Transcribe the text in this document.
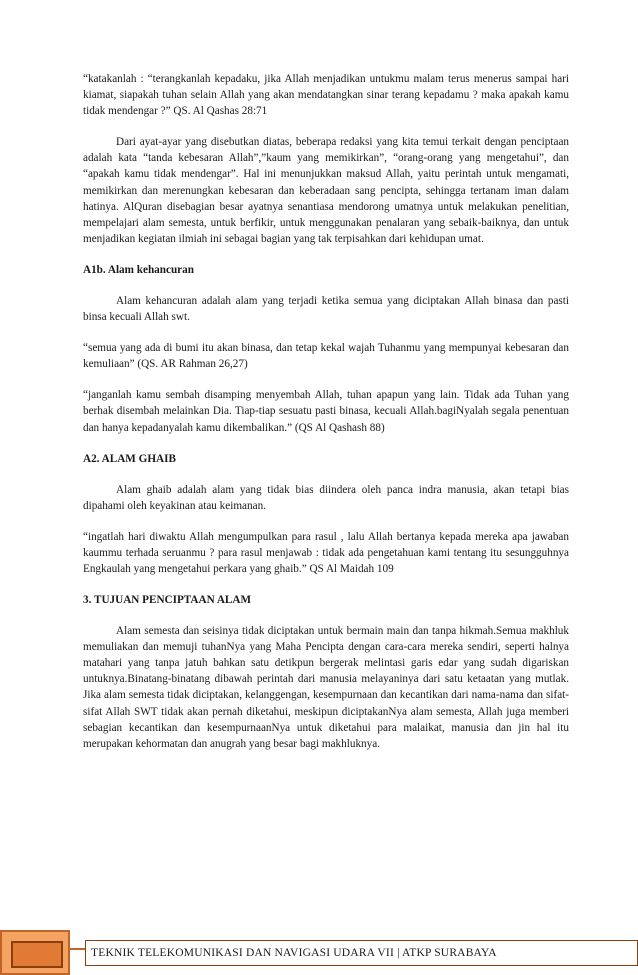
“katakanlah : “terangkanlah kepadaku, jika Allah menjadikan untukmu malam terus menerus sampai hari kiamat, siapakah tuhan selain Allah yang akan mendatangkan sinar terang kepadamu ? maka apakah kamu tidak mendengar ?” QS. Al Qashas 28:71

Dari ayat-ayar yang disebutkan diatas, beberapa redaksi yang kita temui terkait dengan penciptaan adalah kata “tanda kebesaran Allah”,”kaum yang memikirkan”, “orang-orang yang mengetahui”, dan “apakah kamu tidak mendengar”. Hal ini menunjukkan maksud Allah, yaitu perintah untuk mengamati, memikirkan dan merenungkan kebesaran dan keberadaan sang pencipta, sehingga tertanam iman dalam hatinya. AlQuran disebagian besar ayatnya senantiasa mendorong umatnya untuk melakukan penelitian, mempelajari alam semesta, untuk berfikir, untuk menggunakan penalaran yang sebaik-baiknya, dan untuk menjadikan kegiatan ilmiah ini sebagai bagian yang tak terpisahkan dari kehidupan umat.

A1b. Alam kehancuran

Alam kehancuran adalah alam yang terjadi ketika semua yang diciptakan Allah binasa dan pasti binsa kecuali Allah swt.

“semua yang ada di bumi itu akan binasa, dan tetap kekal wajah Tuhanmu yang mempunyai kebesaran dan kemuliaan” (QS. AR Rahman 26,27)

“janganlah kamu sembah disamping menyembah Allah, tuhan apapun yang lain. Tidak ada Tuhan yang berhak disembah melainkan Dia. Tiap-tiap sesuatu pasti binasa, kecuali Allah.bagiNyalah segala penentuan dan hanya kepadanyalah kamu dikembalikan.” (QS Al Qashash 88)

A2. ALAM GHAIB

Alam ghaib adalah alam yang tidak bias diindera oleh panca indra manusia, akan tetapi bias dipahami oleh keyakinan atau keimanan.

“ingatlah hari diwaktu Allah mengumpulkan para rasul , lalu Allah bertanya kepada mereka apa jawaban kaummu terhada seruanmu ? para rasul menjawab : tidak ada pengetahuan kami tentang itu sesungguhnya Engkaulah yang mengetahui perkara yang ghaib.” QS Al Maidah 109

3. TUJUAN PENCIPTAAN ALAM

Alam semesta dan seisinya tidak diciptakan untuk bermain main dan tanpa hikmah.Semua makhluk memuliakan dan memuji tuhanNya yang Maha Pencipta dengan cara-cara mereka sendiri, seperti halnya matahari yang tanpa jatuh bahkan satu detikpun bergerak melintasi garis edar yang sudah digariskan untuknya.Binatang-binatang dibawah perintah dari manusia melayaninya dari satu ketaatan yang mutlak. Jika alam semesta tidak diciptakan, kelanggengan, kesempurnaan dan kecantikan dari nama-nama dan sifat-sifat Allah SWT tidak akan pernah diketahui, meskipun diciptakanNya alam semesta, Allah juga memberi sebagian kecantikan dan kesempurnaanNya untuk diketahui para malaikat, manusia dan jin hal itu merupakan kehormatan dan anugrah yang besar bagi makhluknya.

TEKNIK TELEKOMUNIKASI DAN NAVIGASI UDARA VII | ATKP SURABAYA
